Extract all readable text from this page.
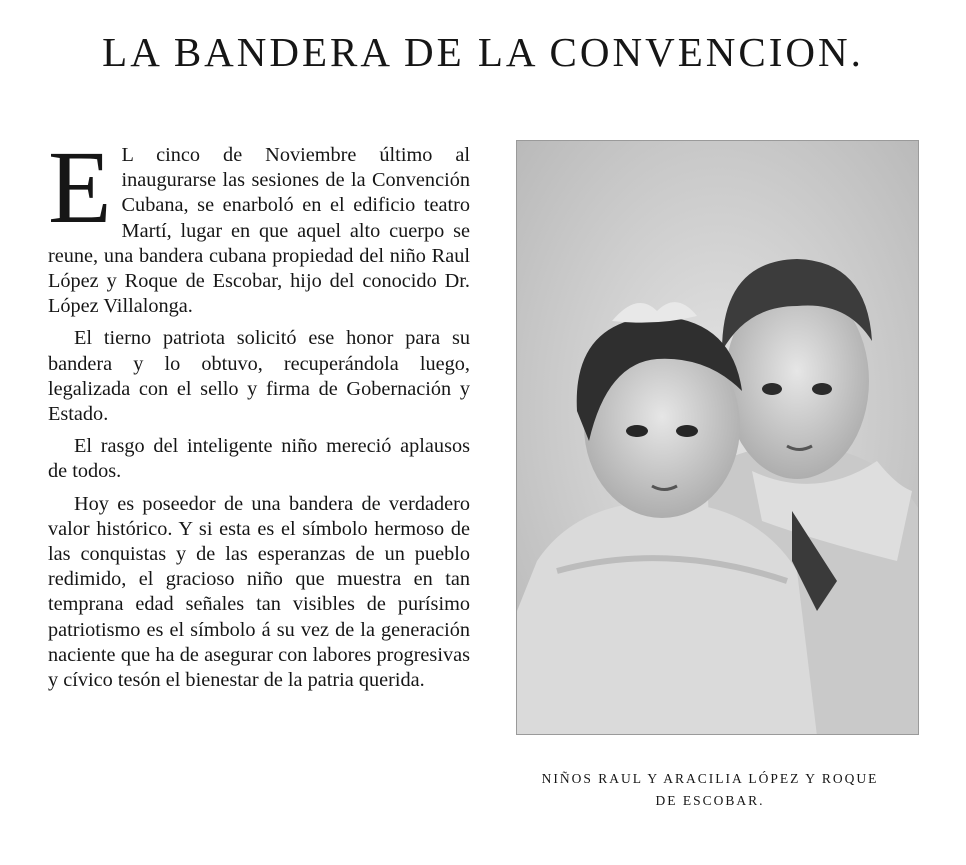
LA BANDERA DE LA CONVENCION.

E L cinco de Noviembre último al inaugurarse las sesiones de la Convención Cubana, se enarboló en el edificio teatro Martí, lugar en que aquel alto cuerpo se reune, una bandera cubana propiedad del niño Raul López y Roque de Escobar, hijo del conocido Dr. López Villalonga.

El tierno patriota solicitó ese honor para su bandera y lo obtuvo, recuperándola luego, legalizada con el sello y firma de Gobernación y Estado.

El rasgo del inteligente niño mereció aplausos de todos.

Hoy es poseedor de una bandera de verdadero valor histórico. Y si esta es el símbolo hermoso de las conquistas y de las esperanzas de un pueblo redimido, el gracioso niño que muestra en tan temprana edad señales tan visibles de purísimo patriotismo es el símbolo á su vez de la generación naciente que ha de asegurar con labores progresivas y cívico tesón el bienestar de la patria querida.

NIÑOS RAUL Y ARACILIA LÓPEZ Y ROQUE
DE ESCOBAR.
